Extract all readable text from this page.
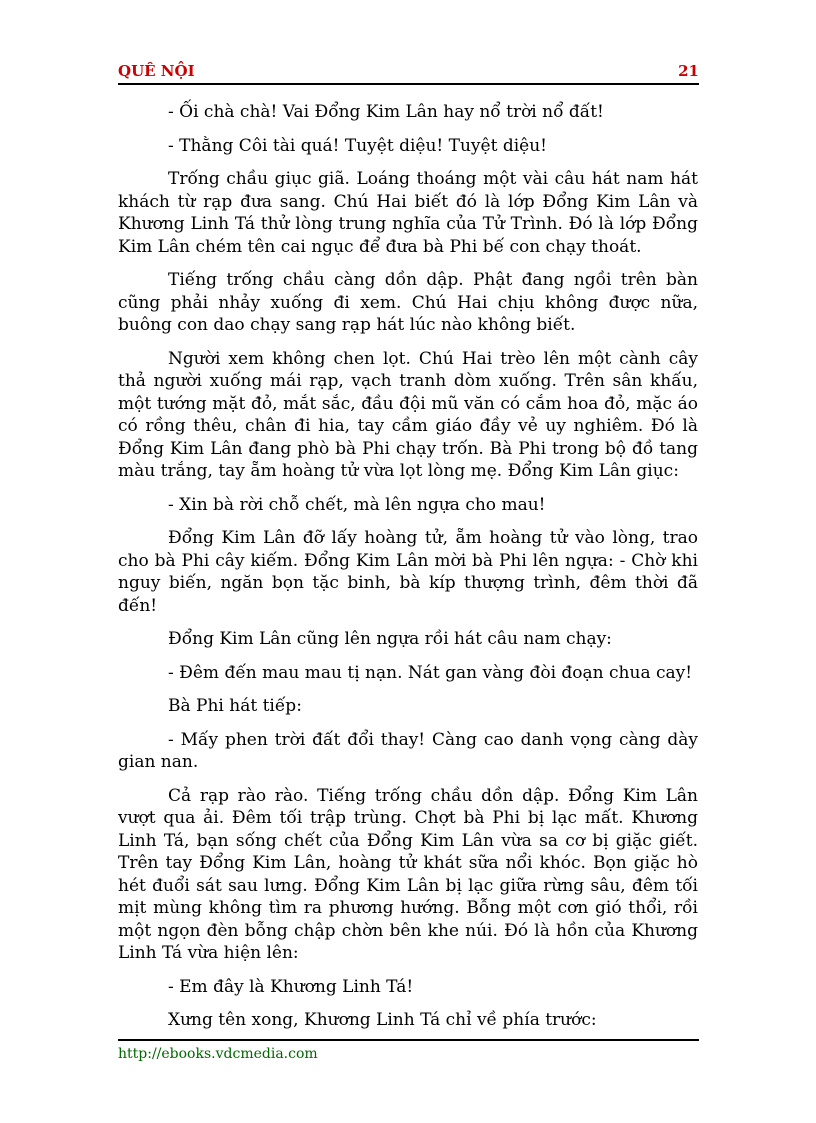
QUÊ NỘI	21

- Ối chà chà! Vai Đổng Kim Lân hay nổ trời nổ đất!

- Thằng Côi tài quá! Tuyệt diệu! Tuyệt diệu!

Trống chầu giục giã. Loáng thoáng một vài câu hát nam hát khách từ rạp đưa sang. Chú Hai biết đó là lớp Đổng Kim Lân và Khương Linh Tá thử lòng trung nghĩa của Tử Trình. Đó là lớp Đổng Kim Lân chém tên cai ngục để đưa bà Phi bế con chạy thoát.

Tiếng trống chầu càng dồn dập. Phật đang ngồi trên bàn cũng phải nhảy xuống đi xem. Chú Hai chịu không được nữa, buông con dao chạy sang rạp hát lúc nào không biết.

Người xem không chen lọt. Chú Hai trèo lên một cành cây thả người xuống mái rạp, vạch tranh dòm xuống. Trên sân khấu, một tướng mặt đỏ, mắt sắc, đầu đội mũ văn có cắm hoa đỏ, mặc áo có rồng thêu, chân đi hia, tay cầm giáo đầy vẻ uy nghiêm. Đó là Đổng Kim Lân đang phò bà Phi chạy trốn. Bà Phi trong bộ đồ tang màu trắng, tay ẵm hoàng tử vừa lọt lòng mẹ. Đổng Kim Lân giục:

- Xin bà rời chỗ chết, mà lên ngựa cho mau!

Đổng Kim Lân đỡ lấy hoàng tử, ẵm hoàng tử vào lòng, trao cho bà Phi cây kiếm. Đổng Kim Lân mời bà Phi lên ngựa: - Chờ khi nguy biến, ngăn bọn tặc binh, bà kíp thượng trình, đêm thời đã đến!

Đổng Kim Lân cũng lên ngựa rồi hát câu nam chạy:

- Đêm đến mau mau tị nạn. Nát gan vàng đòi đoạn chua cay!

Bà Phi hát tiếp:

- Mấy phen trời đất đổi thay! Càng cao danh vọng càng dày gian nan.

Cả rạp rào rào. Tiếng trống chầu dồn dập. Đổng Kim Lân vượt qua ải. Đêm tối trập trùng. Chợt bà Phi bị lạc mất. Khương Linh Tá, bạn sống chết của Đổng Kim Lân vừa sa cơ bị giặc giết. Trên tay Đổng Kim Lân, hoàng tử khát sữa nổi khóc. Bọn giặc hò hét đuổi sát sau lưng. Đổng Kim Lân bị lạc giữa rừng sâu, đêm tối mịt mùng không tìm ra phương hướng. Bỗng một cơn gió thổi, rồi một ngọn đèn bỗng chập chờn bên khe núi. Đó là hồn của Khương Linh Tá vừa hiện lên:

- Em đây là Khương Linh Tá!

Xưng tên xong, Khương Linh Tá chỉ về phía trước:

http://ebooks.vdcmedia.com
